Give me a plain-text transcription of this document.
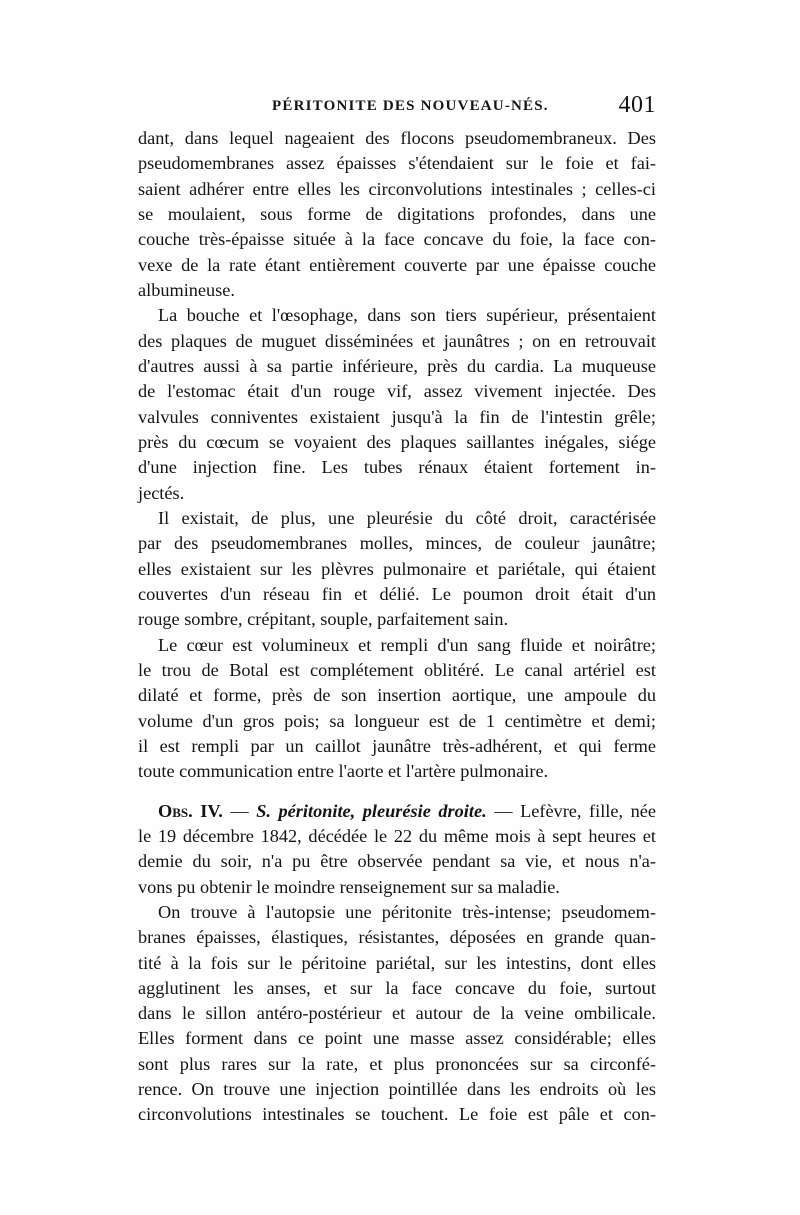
PÉRITONITE DES NOUVEAU-NÉS.	401
dant, dans lequel nageaient des flocons pseudomembraneux. Des
pseudomembranes assez épaisses s'étendaient sur le foie et fai-
saient adhérer entre elles les circonvolutions intestinales ; celles-ci
se moulaient, sous forme de digitations profondes, dans une
couche très-épaisse située à la face concave du foie, la face con-
vexe de la rate étant entièrement couverte par une épaisse couche
albumineuse.
La bouche et l'œsophage, dans son tiers supérieur, présentaient
des plaques de muguet disséminées et jaunâtres ; on en retrouvait
d'autres aussi à sa partie inférieure, près du cardia. La muqueuse
de l'estomac était d'un rouge vif, assez vivement injectée. Des
valvules conniventes existaient jusqu'à la fin de l'intestin grêle;
près du cœcum se voyaient des plaques saillantes inégales, siége
d'une injection fine. Les tubes rénaux étaient fortement in-
jectés.
Il existait, de plus, une pleurésie du côté droit, caractérisée
par des pseudomembranes molles, minces, de couleur jaunâtre;
elles existaient sur les plèvres pulmonaire et pariétale, qui étaient
couvertes d'un réseau fin et délié. Le poumon droit était d'un
rouge sombre, crépitant, souple, parfaitement sain.
Le cœur est volumineux et rempli d'un sang fluide et noirâtre;
le trou de Botal est complétement oblitéré. Le canal artériel est
dilaté et forme, près de son insertion aortique, une ampoule du
volume d'un gros pois; sa longueur est de 1 centimètre et demi;
il est rempli par un caillot jaunâtre très-adhérent, et qui ferme
toute communication entre l'aorte et l'artère pulmonaire.
Obs. IV. — S. péritonite, pleurésie droite. — Lefèvre, fille, née
le 19 décembre 1842, décédée le 22 du même mois à sept heures et
demie du soir, n'a pu être observée pendant sa vie, et nous n'a-
vons pu obtenir le moindre renseignement sur sa maladie.
On trouve à l'autopsie une péritonite très-intense; pseudomem-
branes épaisses, élastiques, résistantes, déposées en grande quan-
tité à la fois sur le péritoine pariétal, sur les intestins, dont elles
agglutinent les anses, et sur la face concave du foie, surtout
dans le sillon antéro-postérieur et autour de la veine ombilicale.
Elles forment dans ce point une masse assez considérable; elles
sont plus rares sur la rate, et plus prononcées sur sa circonfé-
rence. On trouve une injection pointillée dans les endroits où les
circonvolutions intestinales se touchent. Le foie est pâle et con-
